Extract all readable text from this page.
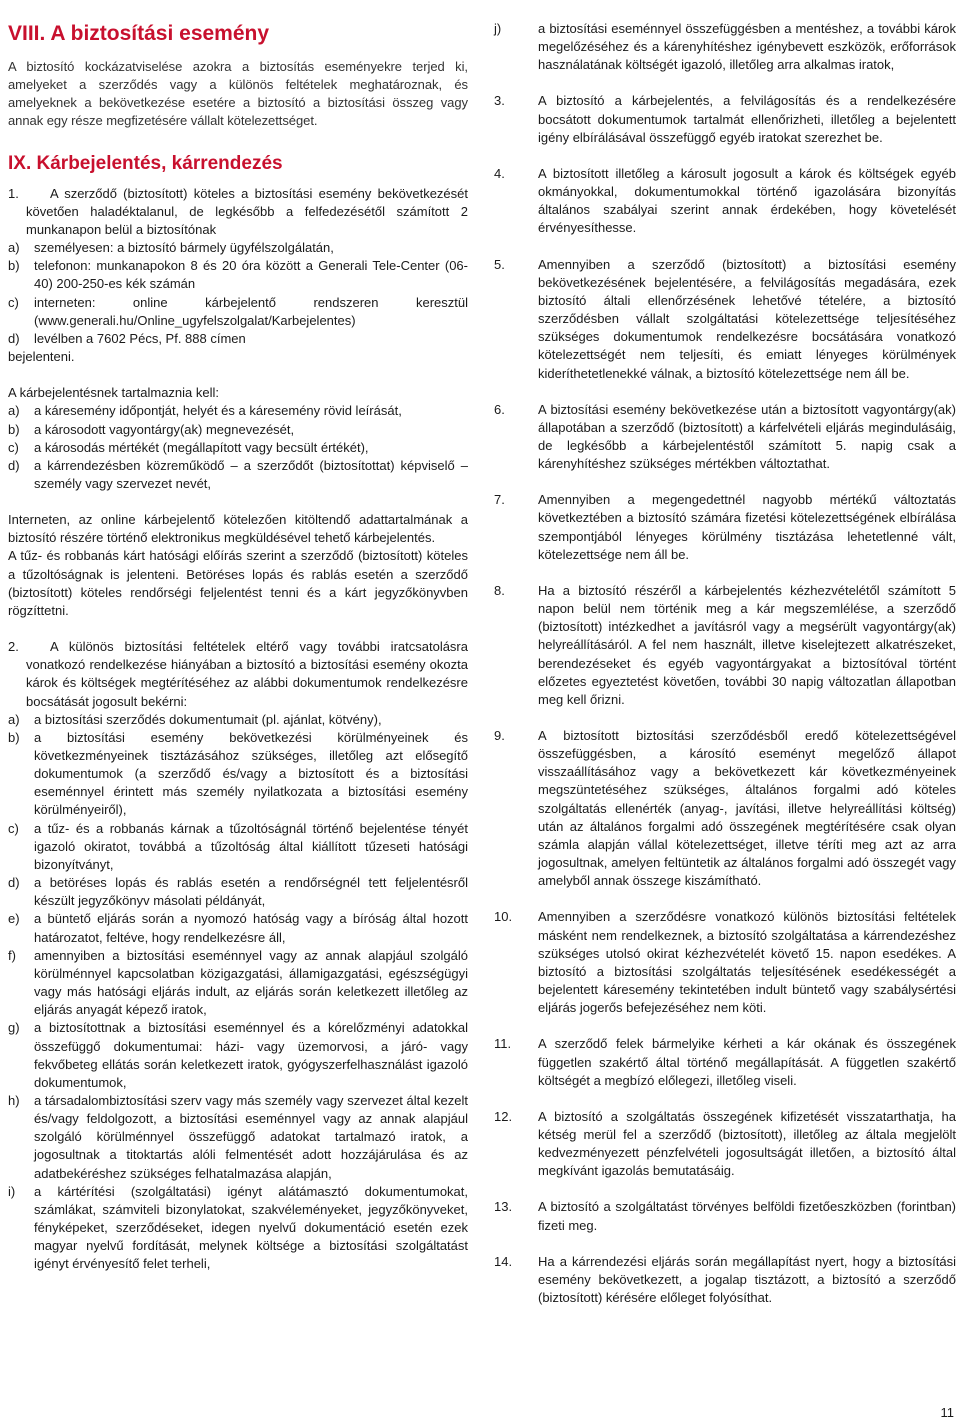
VIII. A biztosítási esemény

A biztosító kockázatviselése azokra a biztosítás eseményekre terjed ki, amelyeket a szerződés vagy a különös feltételek meghatároznak, és amelyeknek a bekövetkezése esetére a biztosító a biztosítási összeg vagy annak egy része megfizetésére vállalt kötelezettséget.

IX. Kárbejelentés, kárrendezés
1.	A szerződő (biztosított) köteles a biztosítási esemény bekövetkezését követően haladéktalanul, de legkésőbb a felfedezésétől számított 2 munkanapon belül a biztosítónak

a)	személyesen: a biztosító bármely ügyfélszolgálatán,
b)	telefonon: munkanapokon 8 és 20 óra között a Generali Tele-Center (06-40) 200-250-es kék számán
c)	interneten: online kárbejelentő rendszeren keresztül (www.generali.hu/Online_ugyfelszolgalat/Karbejelentes)
d)	levélben a 7602 Pécs, Pf. 888 címen

bejelenteni.

A kárbejelentésnek tartalmaznia kell:

a)	a káresemény időpontját, helyét és a káresemény rövid leírását,
b)	a károsodott vagyontárgy(ak) megnevezését,
c)	a károsodás mértékét (megállapított vagy becsült értékét),
d)	a kárrendezésben közreműködő – a szerződőt (biztosítottat) képviselő – személy vagy szervezet nevét,

Interneten, az online kárbejelentő kötelezően kitöltendő adattartalmának a biztosító részére történő elektronikus megküldésével tehető kárbejelentés.

A tűz- és robbanás kárt hatósági előírás szerint a szerződő (biztosított) köteles a tűzoltóságnak is jelenteni. Betöréses lopás és rablás esetén a szerződő (biztosított) köteles rendőrségi feljelentést tenni és a kárt jegyzőkönyvben rögzíttetni.

2.	A különös biztosítási feltételek eltérő vagy további iratcsatolásra vonatkozó rendelkezése hiányában a biztosító a biztosítási esemény okozta károk és költségek megtérítéséhez az alábbi dokumentumok rendelkezésre bocsátását jogosult bekérni:

a)	a biztosítási szerződés dokumentumait (pl. ajánlat, kötvény),
b)	a biztosítási esemény bekövetkezési körülményeinek és következményeinek tisztázásához szükséges, illetőleg azt elősegítő dokumentumok (a szerződő és/vagy a biztosított és a biztosítási eseménnyel érintett más személy nyilatkozata a biztosítási esemény körülményeiről),
c)	a tűz- és a robbanás kárnak a tűzoltóságnál történő bejelentése tényét igazoló okiratot, továbbá a tűzoltóság által kiállított tűzeseti hatósági bizonyítványt,
d)	a betöréses lopás és rablás esetén a rendőrségnél tett feljelentésről készült jegyzőkönyv másolati példányát,
e)	a büntető eljárás során a nyomozó hatóság vagy a bíróság által hozott határozatot, feltéve, hogy rendelkezésre áll,
f)	amennyiben a biztosítási eseménnyel vagy az annak alapjául szolgáló körülménnyel kapcsolatban közigazgatási, államigazgatási, egészségügyi vagy más hatósági eljárás indult, az eljárás során keletkezett illetőleg az eljárás anyagát képező iratok,
g)	a biztosítottnak a biztosítási eseménnyel és a kórelőzményi adatokkal összefüggő dokumentumai: házi- vagy üzemorvosi, a járó- vagy fekvőbeteg ellátás során keletkezett iratok, gyógyszerfelhasználást igazoló dokumentumok,
h)	a társadalombiztosítási szerv vagy más személy vagy szervezet által kezelt és/vagy feldolgozott, a biztosítási eseménnyel vagy az annak alapjául szolgáló körülménnyel összefüggő adatokat tartalmazó iratok, a jogosultnak a titoktartás alóli felmentését adott hozzájárulása és az adatbekéréshez szükséges felhatalmazása alapján,
i)	a kártérítési (szolgáltatási) igényt alátámasztó dokumentumokat, számlákat, számviteli bizonylatokat, szakvéleményeket, jegyzőkönyveket, fényképeket, szerződéseket, idegen nyelvű dokumentáció esetén ezek magyar nyelvű fordítását, melynek költsége a biztosítási szolgáltatást igényt érvényesítő felet terheli,
j)	a biztosítási eseménnyel összefüggésben a mentéshez, a további károk megelőzéséhez és a kárenyhítéshez igénybevett eszközök, erőforrások használatának költségét igazoló, illetőleg arra alkalmas iratok,
3.	A biztosító a kárbejelentés, a felvilágosítás és a rendelkezésére bocsátott dokumentumok tartalmát ellenőrizheti, illetőleg a bejelentett igény elbírálásával összefüggő egyéb iratokat szerezhet be.
4.	A biztosított illetőleg a károsult jogosult a károk és költségek egyéb okmányokkal, dokumentumokkal történő igazolására bizonyítás általános szabályai szerint annak érdekében, hogy követelését érvényesíthesse.
5.	Amennyiben a szerződő (biztosított) a biztosítási esemény bekövetkezésének bejelentésére, a felvilágosítás megadására, ezek biztosító általi ellenőrzésének lehetővé tételére, a biztosító szerződésben vállalt szolgáltatási kötelezettsége teljesítéséhez szükséges dokumentumok rendelkezésre bocsátására vonatkozó kötelezettségét nem teljesíti, és emiatt lényeges körülmények kideríthetetlenekké válnak, a biztosító kötelezettsége nem áll be.
6.	A biztosítási esemény bekövetkezése után a biztosított vagyontárgy(ak) állapotában a szerződő (biztosított) a kárfelvételi eljárás megindulásáig, de legkésőbb a kárbejelentéstől számított 5. napig csak a kárenyhítéshez szükséges mértékben változtathat.
7.	Amennyiben a megengedettnél nagyobb mértékű változtatás következtében a biztosító számára fizetési kötelezettségének elbírálása szempontjából lényeges körülmény tisztázása lehetetlenné vált, kötelezettsége nem áll be.
8.	Ha a biztosító részéről a kárbejelentés kézhezvételétől számított 5 napon belül nem történik meg a kár megszemlélése, a szerződő (biztosított) intézkedhet a javításról vagy a megsérült vagyontárgy(ak) helyreállításáról. A fel nem használt, illetve kiselejtezett alkatrészeket, berendezéseket és egyéb vagyontárgyakat a biztosítóval történt előzetes egyeztetést követően, további 30 napig változatlan állapotban meg kell őrizni.
9.	A biztosított biztosítási szerződésből eredő kötelezettségével összefüggésben, a károsító eseményt megelőző állapot visszaállításához vagy a bekövetkezett kár következményeinek megszüntetéséhez szükséges, általános forgalmi adó köteles szolgáltatás ellenérték (anyag-, javítási, illetve helyreállítási költség) után az általános forgalmi adó összegének megtérítésére csak olyan számla alapján vállal kötelezettséget, illetve téríti meg azt az arra jogosultnak, amelyen feltüntetik az általános forgalmi adó összegét vagy amelyből annak összege kiszámítható.
10.	Amennyiben a szerződésre vonatkozó különös biztosítási feltételek másként nem rendelkeznek, a biztosító szolgáltatása a kárrendezéshez szükséges utolsó okirat kézhezvételét követő 15. napon esedékes. A biztosító a biztosítási szolgáltatás teljesítésének esedékességét a bejelentett káresemény tekintetében indult büntető vagy szabálysértési eljárás jogerős befejezéséhez nem köti.
11.	A szerződő felek bármelyike kérheti a kár okának és összegének független szakértő által történő megállapítását. A független szakértő költségét a megbízó előlegezi, illetőleg viseli.
12.	A biztosító a szolgáltatás összegének kifizetését visszatarthatja, ha kétség merül fel a szerződő (biztosított), illetőleg az általa megjelölt kedvezményezett pénzfelvételi jogosultságát illetően, a biztosító által megkívánt igazolás bemutatásáig.
13.	A biztosító a szolgáltatást törvényes belföldi fizetőeszközben (forintban) fizeti meg.
14.	Ha a kárrendezési eljárás során megállapítást nyert, hogy a biztosítási esemény bekövetkezett, a jogalap tisztázott, a biztosító a szerződő (biztosított) kérésére előleget folyósíthat.
11
